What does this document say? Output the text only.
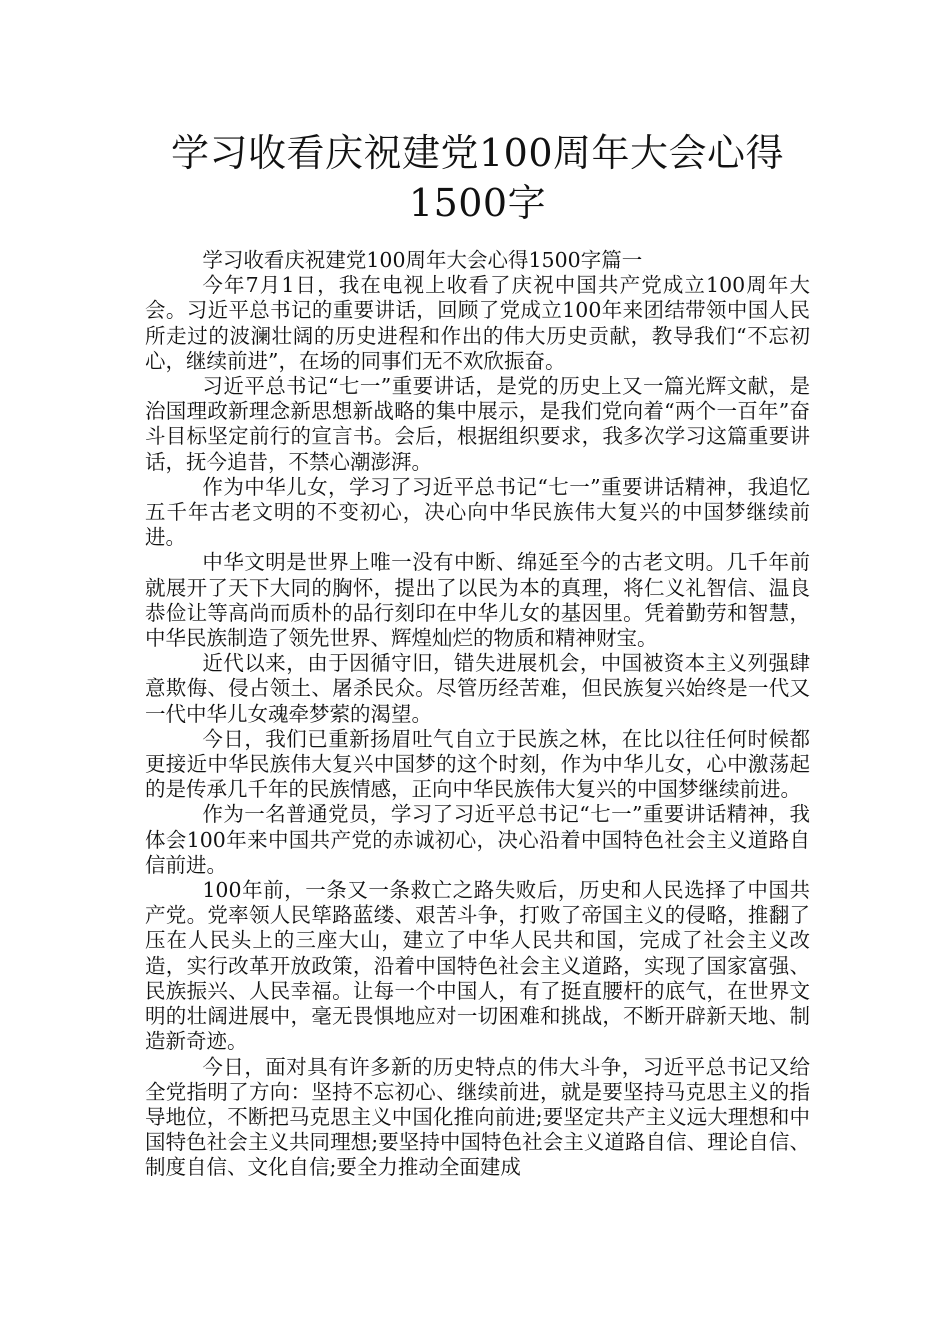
学习收看庆祝建党100周年大会心得1500字

学习收看庆祝建党100周年大会心得1500字篇一

今年7月1日，我在电视上收看了庆祝中国共产党成立100周年大会。习近平总书记的重要讲话，回顾了党成立100年来团结带领中国人民所走过的波澜壮阔的历史进程和作出的伟大历史贡献，教导我们“不忘初心，继续前进”，在场的同事们无不欢欣振奋。

习近平总书记“七一”重要讲话，是党的历史上又一篇光辉文献，是治国理政新理念新思想新战略的集中展示，是我们党向着“两个一百年”奋斗目标坚定前行的宣言书。会后，根据组织要求，我多次学习这篇重要讲话，抚今追昔，不禁心潮澎湃。

作为中华儿女，学习了习近平总书记“七一”重要讲话精神，我追忆五千年古老文明的不变初心，决心向中华民族伟大复兴的中国梦继续前进。

中华文明是世界上唯一没有中断、绵延至今的古老文明。几千年前就展开了天下大同的胸怀，提出了以民为本的真理，将仁义礼智信、温良恭俭让等高尚而质朴的品行刻印在中华儿女的基因里。凭着勤劳和智慧，中华民族制造了领先世界、辉煌灿烂的物质和精神财宝。

近代以来，由于因循守旧，错失进展机会，中国被资本主义列强肆意欺侮、侵占领土、屠杀民众。尽管历经苦难，但民族复兴始终是一代又一代中华儿女魂牵梦萦的渴望。

今日，我们已重新扬眉吐气自立于民族之林，在比以往任何时候都更接近中华民族伟大复兴中国梦的这个时刻，作为中华儿女，心中激荡起的是传承几千年的民族情感，正向中华民族伟大复兴的中国梦继续前进。

作为一名普通党员，学习了习近平总书记“七一”重要讲话精神，我体会100年来中国共产党的赤诚初心，决心沿着中国特色社会主义道路自信前进。

100年前，一条又一条救亡之路失败后，历史和人民选择了中国共产党。党率领人民筚路蓝缕、艰苦斗争，打败了帝国主义的侵略，推翻了压在人民头上的三座大山，建立了中华人民共和国，完成了社会主义改造，实行改革开放政策，沿着中国特色社会主义道路，实现了国家富强、民族振兴、人民幸福。让每一个中国人，有了挺直腰杆的底气，在世界文明的壮阔进展中，毫无畏惧地应对一切困难和挑战，不断开辟新天地、制造新奇迹。

今日，面对具有许多新的历史特点的伟大斗争，习近平总书记又给全党指明了方向：坚持不忘初心、继续前进，就是要坚持马克思主义的指导地位，不断把马克思主义中国化推向前进;要坚定共产主义远大理想和中国特色社会主义共同理想;要坚持中国特色社会主义道路自信、理论自信、制度自信、文化自信;要全力推动全面建成
